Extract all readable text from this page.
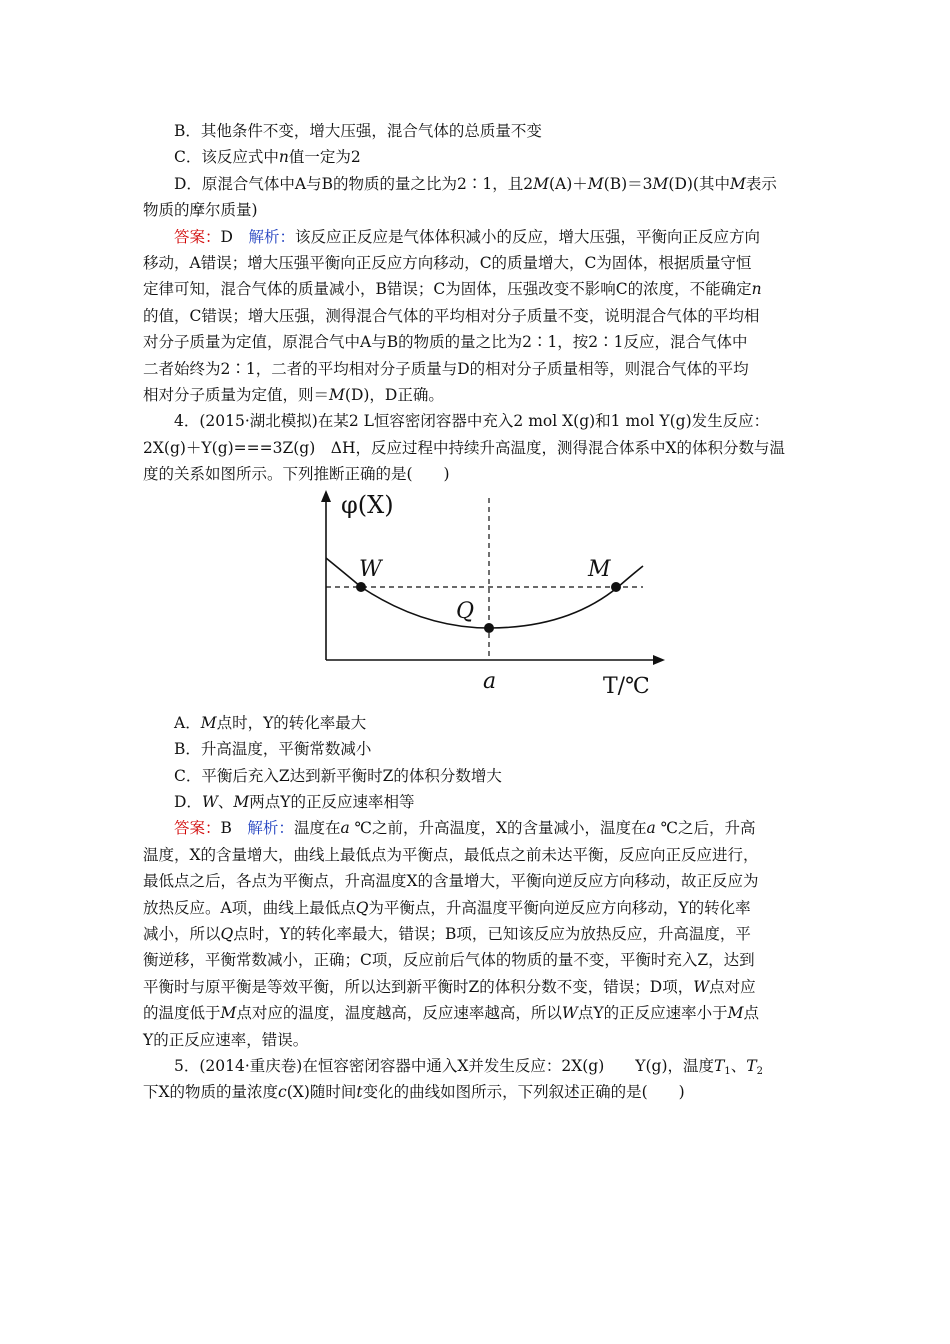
B．其他条件不变，增大压强，混合气体的总质量不变

C．该反应式中n值一定为2

D．原混合气体中A与B的物质的量之比为2∶1，且2M(A)＋M(B)＝3M(D)(其中M表示

物质的摩尔质量)

答案：D　 解析：该反应正反应是气体体积减小的反应，增大压强，平衡向正反应方向

移动，A错误；增大压强平衡向正反应方向移动，C的质量增大，C为固体，根据质量守恒

定律可知，混合气体的质量减小，B错误；C为固体，压强改变不影响C的浓度，不能确定n

的值，C错误；增大压强，测得混合气体的平均相对分子质量不变，说明混合气体的平均相

对分子质量为定值，原混合气中A与B的物质的量之比为2∶1，按2∶1反应，混合气体中

二者始终为2∶1，二者的平均相对分子质量与D的相对分子质量相等，则混合气体的平均

相对分子质量为定值，则＝M(D)，D正确。

4．(2015·湖北模拟)在某2 L恒容密闭容器中充入2 mol X(g)和1 mol Y(g)发生反应：

2X(g)＋Y(g)===3Z(g)　ΔH，反应过程中持续升高温度，测得混合体系中X的体积分数与温

度的关系如图所示。下列推断正确的是(　　)

φ(X)
W
Q
M
a	T/℃

A．M点时，Y的转化率最大

B．升高温度，平衡常数减小

C．平衡后充入Z达到新平衡时Z的体积分数增大

D．W、M两点Y的正反应速率相等

答案：B　 解析：温度在a ℃之前，升高温度，X的含量减小，温度在a ℃之后，升高

温度，X的含量增大，曲线上最低点为平衡点，最低点之前未达平衡，反应向正反应进行，

最低点之后，各点为平衡点，升高温度X的含量增大，平衡向逆反应方向移动，故正反应为

放热反应。A项，曲线上最低点Q为平衡点，升高温度平衡向逆反应方向移动，Y的转化率

减小，所以Q点时，Y的转化率最大，错误；B项，已知该反应为放热反应，升高温度，平

衡逆移，平衡常数减小，正确；C项，反应前后气体的物质的量不变，平衡时充入Z，达到

平衡时与原平衡是等效平衡，所以达到新平衡时Z的体积分数不变，错误；D项，W点对应

的温度低于M点对应的温度，温度越高，反应速率越高，所以W点Y的正反应速率小于M点

Y的正反应速率，错误。

5．(2014·重庆卷)在恒容密闭容器中通入X并发生反应：2X(g)　　Y(g)，温度$T_1$、$T_2$

下X的物质的量浓度c(X)随时间t变化的曲线如图所示，下列叙述正确的是(　　)
